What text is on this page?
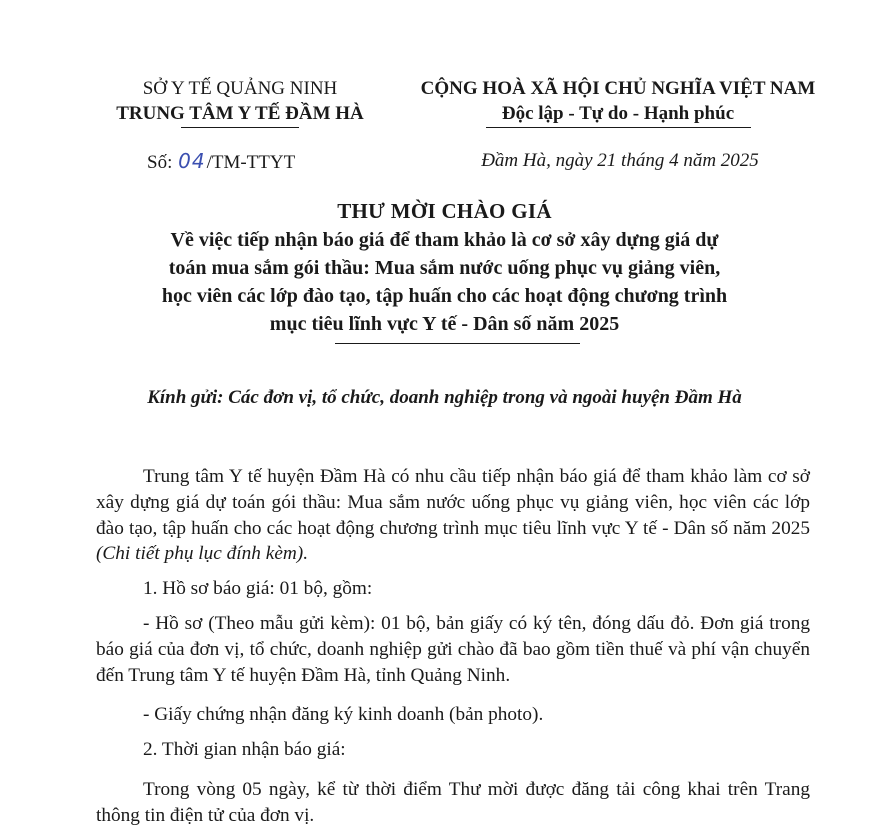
SỞ Y TẾ QUẢNG NINH
TRUNG TÂM Y TẾ ĐẦM HÀ
CỘNG HOÀ XÃ HỘI CHỦ NGHĨA VIỆT NAM
Độc lập - Tự do - Hạnh phúc
Số: 04/TM-TTYT	Đầm Hà, ngày 21 tháng 4 năm 2025
THƯ MỜI CHÀO GIÁ
Về việc tiếp nhận báo giá để tham khảo là cơ sở xây dựng giá dự
toán mua sắm gói thầu: Mua sắm nước uống phục vụ giảng viên,
học viên các lớp đào tạo, tập huấn cho các hoạt động chương trình
mục tiêu lĩnh vực Y tế - Dân số năm 2025
Kính gửi: Các đơn vị, tổ chức, doanh nghiệp trong và ngoài huyện Đầm Hà

Trung tâm Y tế huyện Đầm Hà có nhu cầu tiếp nhận báo giá để tham khảo làm cơ sở xây dựng giá dự toán gói thầu: Mua sắm nước uống phục vụ giảng viên, học viên các lớp đào tạo, tập huấn cho các hoạt động chương trình mục tiêu lĩnh vực Y tế - Dân số năm 2025 (Chi tiết phụ lục đính kèm).

1. Hồ sơ báo giá: 01 bộ, gồm:

- Hồ sơ (Theo mẫu gửi kèm): 01 bộ, bản giấy có ký tên, đóng dấu đỏ. Đơn giá trong báo giá của đơn vị, tổ chức, doanh nghiệp gửi chào đã bao gồm tiền thuế và phí vận chuyển đến Trung tâm Y tế huyện Đầm Hà, tỉnh Quảng Ninh.

- Giấy chứng nhận đăng ký kinh doanh (bản photo).

2. Thời gian nhận báo giá:

Trong vòng 05 ngày, kể từ thời điểm Thư mời được đăng tải công khai trên Trang thông tin điện tử của đơn vị.
